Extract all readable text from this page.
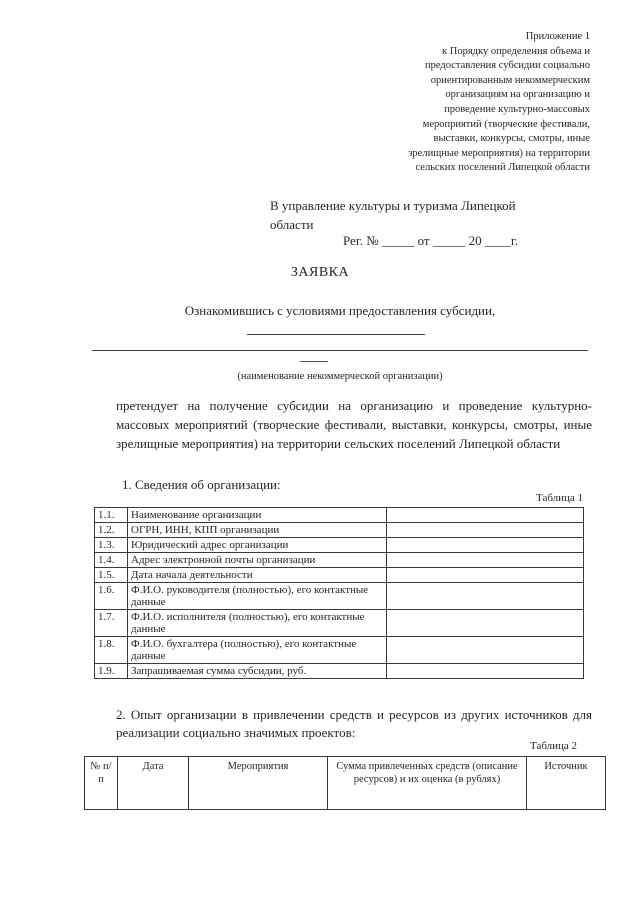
Приложение 1
к Порядку определения объема и
предоставления субсидии социально
ориентированным некоммерческим
организациям на организацию и
проведение культурно-массовых
мероприятий (творческие фестивали,
выставки, конкурсы, смотры, иные
зрелищные мероприятия) на территории
сельских поселений Липецкой области
В управление культуры и туризма Липецкой
области
Рег. № _____ от _____ 20 ____г.
ЗАЯВКА
Ознакомившись с условиями предоставления субсидии,
(наименование некоммерческой организации)
претендует на получение субсидии на организацию и проведение культурно-массовых мероприятий (творческие фестивали, выставки, конкурсы, смотры, иные зрелищные мероприятия) на территории сельских поселений Липецкой области
1. Сведения об организации:
Таблица 1
1.1.	Наименование организации	
1.2.	ОГРН, ИНН, КПП организации	
1.3.	Юридический адрес организации	
1.4.	Адрес электронной почты организации	
1.5.	Дата начала деятельности	
1.6.	Ф.И.О. руководителя (полностью), его контактные данные	
1.7.	Ф.И.О. исполнителя (полностью), его контактные данные	
1.8.	Ф.И.О. бухгалтера (полностью), его контактные данные	
1.9.	Запрашиваемая сумма субсидии, руб.	
2. Опыт организации в привлечении средств и ресурсов из других источников для реализации социально значимых проектов:
Таблица 2
№ п/п	Дата	Мероприятия	Сумма привлеченных средств (описание ресурсов) и их оценка (в рублях)	Источник
